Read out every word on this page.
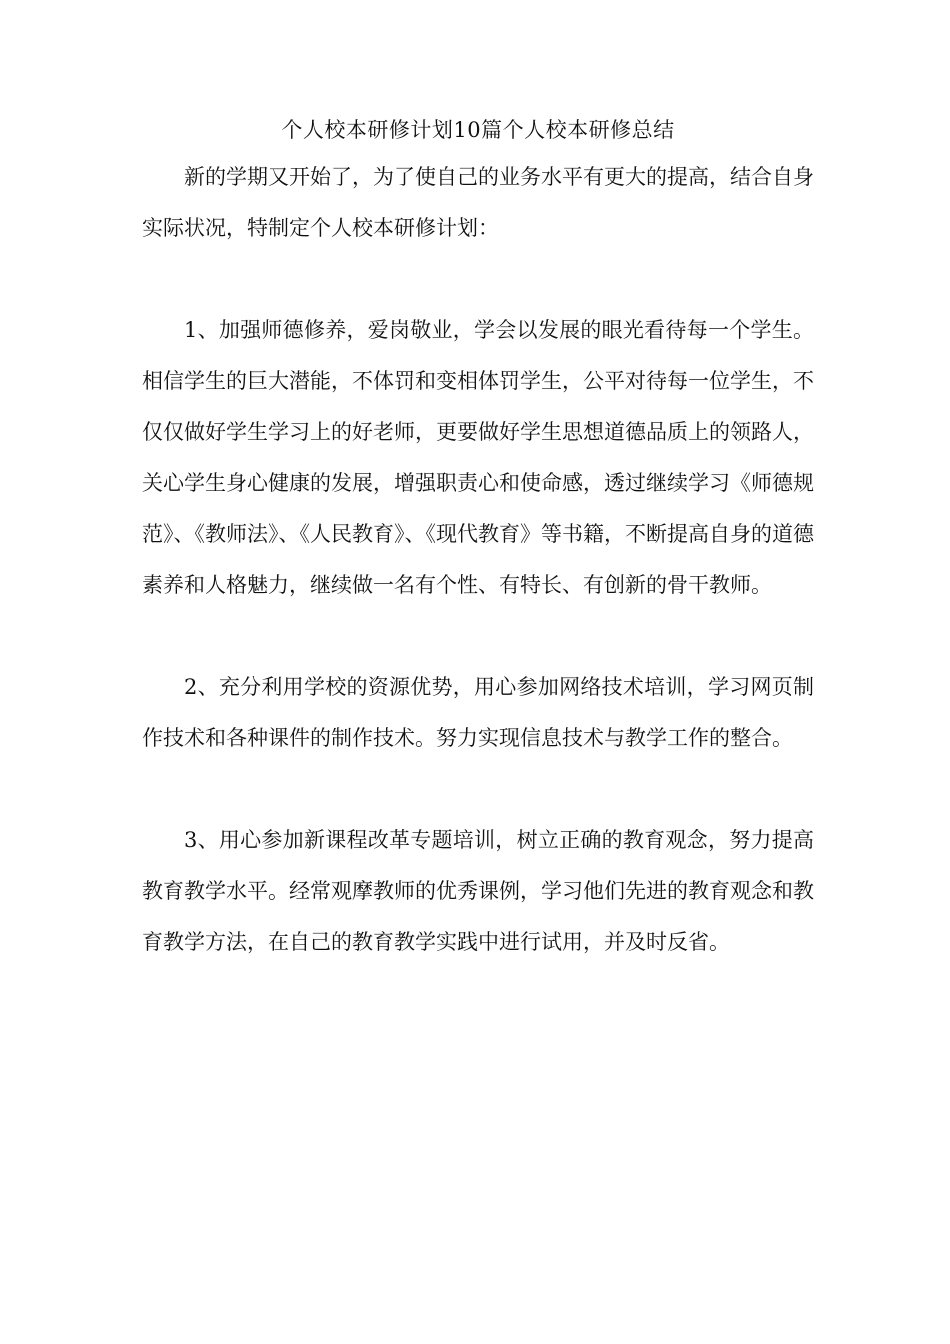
个人校本研修计划10篇个人校本研修总结

新的学期又开始了，为了使自己的业务水平有更大的提高，结合自身实际状况，特制定个人校本研修计划：

1、加强师德修养，爱岗敬业，学会以发展的眼光看待每一个学生。相信学生的巨大潜能，不体罚和变相体罚学生，公平对待每一位学生，不仅仅做好学生学习上的好老师，更要做好学生思想道德品质上的领路人，关心学生身心健康的发展，增强职责心和使命感，透过继续学习《师德规范》、《教师法》、《人民教育》、《现代教育》等书籍，不断提高自身的道德素养和人格魅力，继续做一名有个性、有特长、有创新的骨干教师。

2、充分利用学校的资源优势，用心参加网络技术培训，学习网页制作技术和各种课件的制作技术。努力实现信息技术与教学工作的整合。

3、用心参加新课程改革专题培训，树立正确的教育观念，努力提高教育教学水平。经常观摩教师的优秀课例，学习他们先进的教育观念和教育教学方法，在自己的教育教学实践中进行试用，并及时反省。
